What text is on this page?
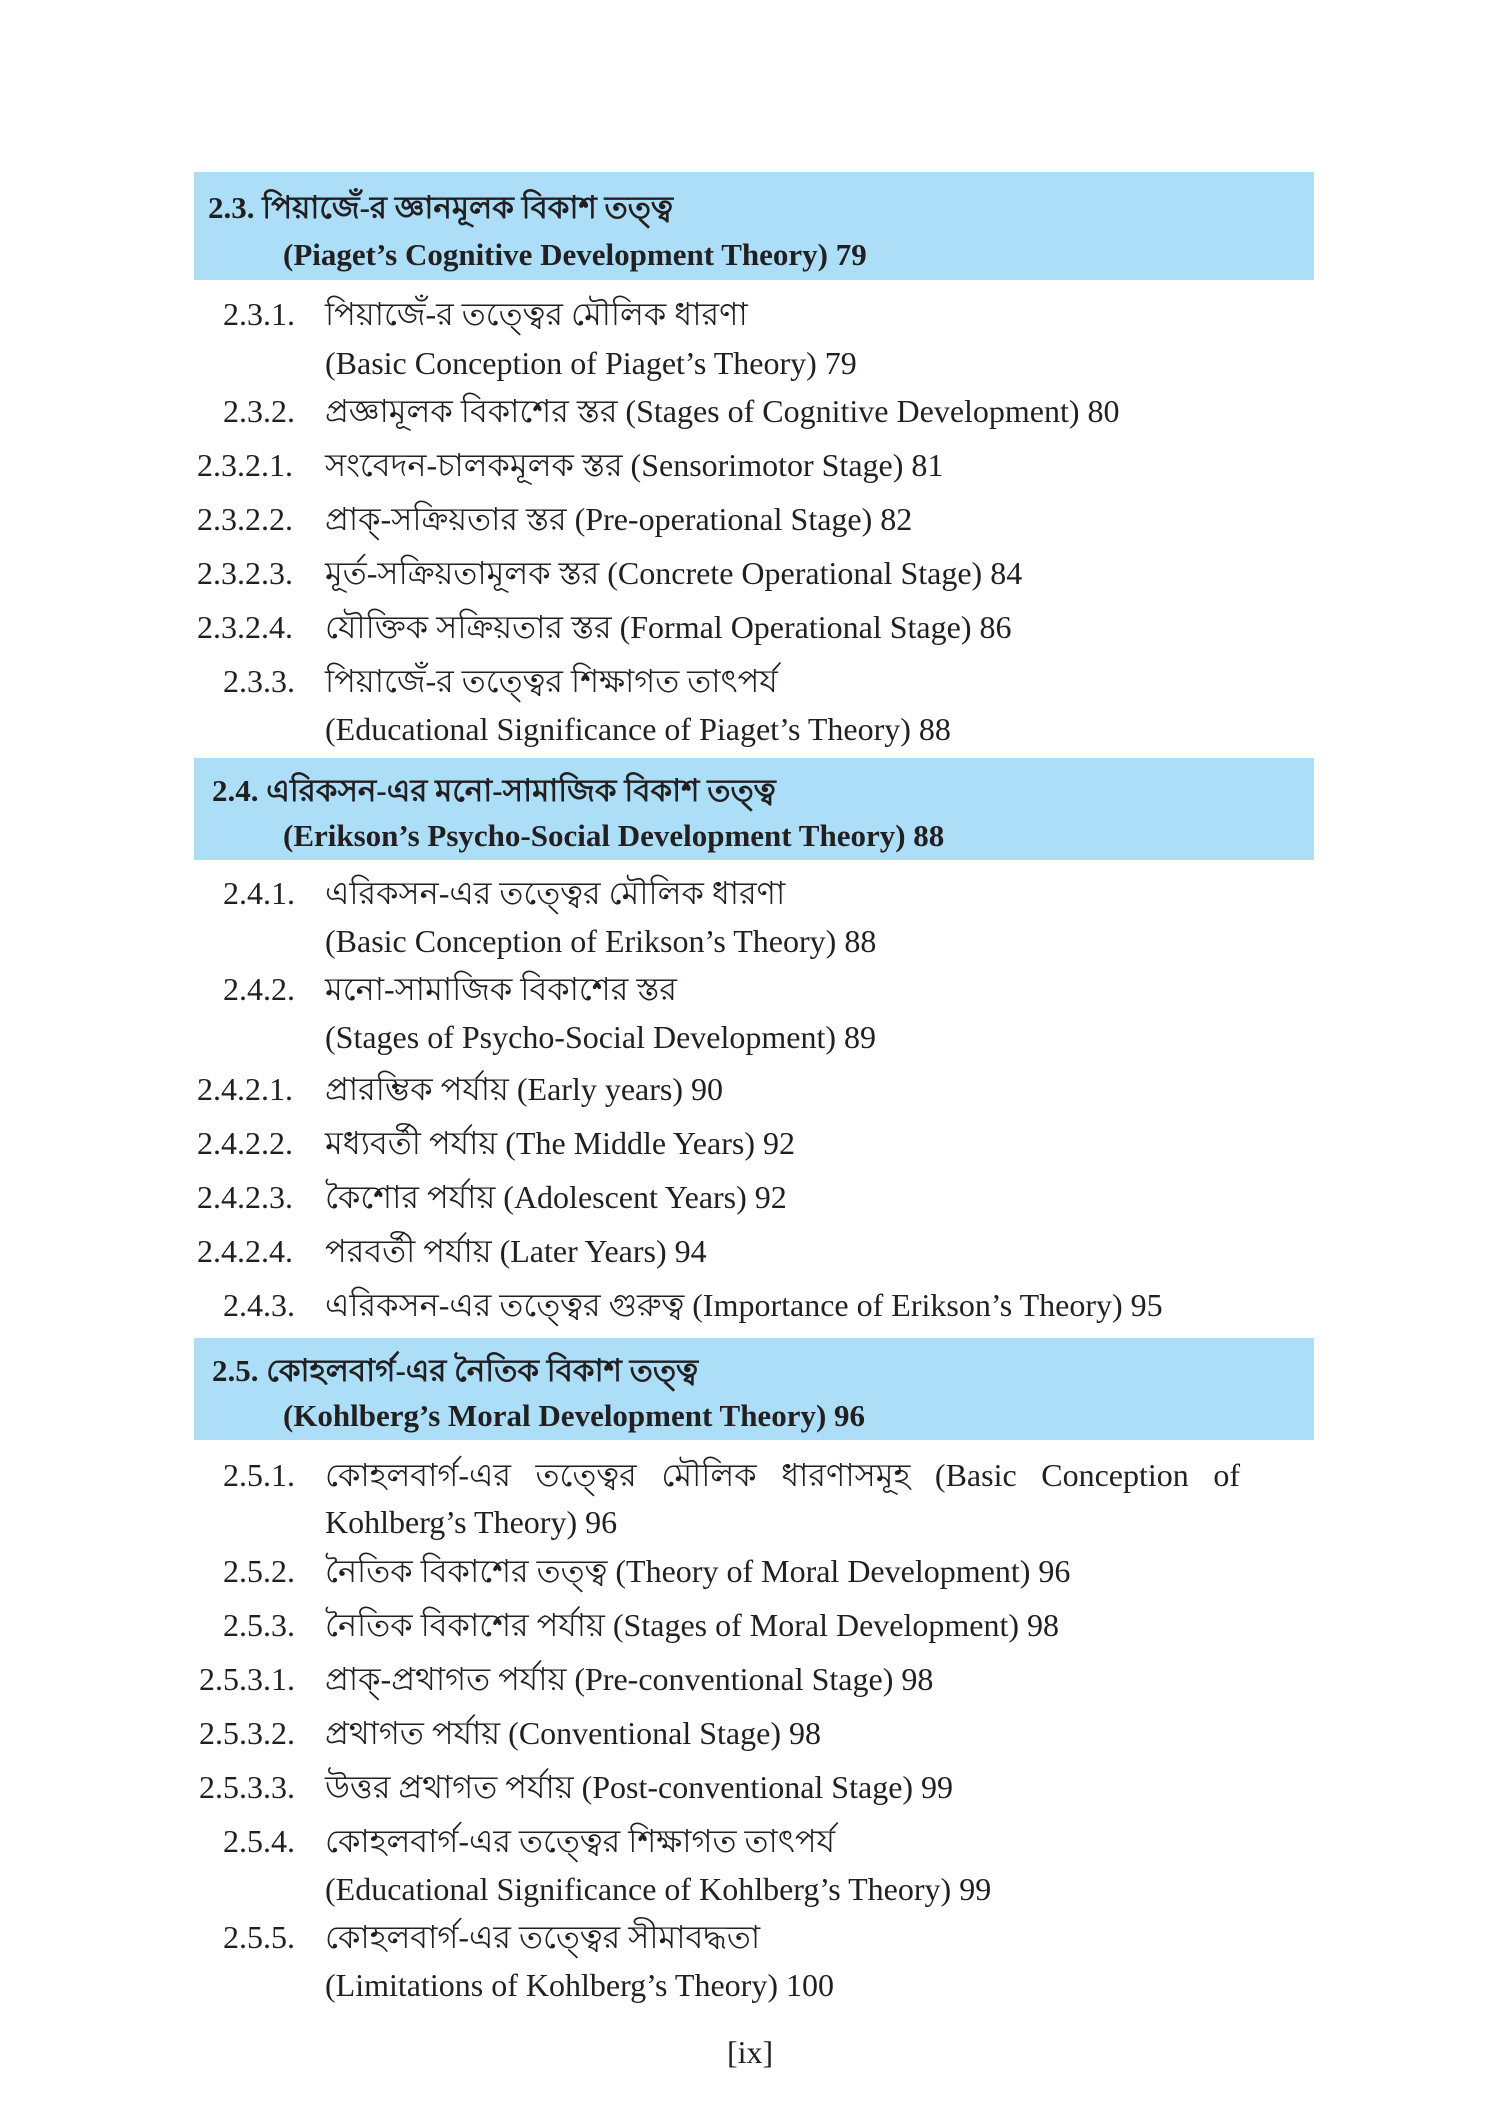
2.3. পিয়াজেঁ-র জ্ঞানমূলক বিকাশ তত্ত্ব
(Piaget’s Cognitive Development Theory) 79
2.3.1. পিয়াজেঁ-র তত্ত্বের মৌলিক ধারণা
(Basic Conception of Piaget’s Theory) 79
2.3.2. প্রজ্ঞামূলক বিকাশের স্তর (Stages of Cognitive Development) 80
2.3.2.1. সংবেদন-চালকমূলক স্তর (Sensorimotor Stage) 81
2.3.2.2. প্রাক্-সক্রিয়তার স্তর (Pre-operational Stage) 82
2.3.2.3. মূর্ত-সক্রিয়তামূলক স্তর (Concrete Operational Stage) 84
2.3.2.4. যৌক্তিক সক্রিয়তার স্তর (Formal Operational Stage) 86
2.3.3. পিয়াজেঁ-র তত্ত্বের শিক্ষাগত তাৎপর্য
(Educational Significance of Piaget’s Theory) 88
2.4. এরিকসন-এর মনো-সামাজিক বিকাশ তত্ত্ব
(Erikson’s Psycho-Social Development Theory) 88
2.4.1. এরিকসন-এর তত্ত্বের মৌলিক ধারণা
(Basic Conception of Erikson’s Theory) 88
2.4.2. মনো-সামাজিক বিকাশের স্তর
(Stages of Psycho-Social Development) 89
2.4.2.1. প্রারম্ভিক পর্যায় (Early years) 90
2.4.2.2. মধ্যবর্তী পর্যায় (The Middle Years) 92
2.4.2.3. কৈশোর পর্যায় (Adolescent Years) 92
2.4.2.4. পরবর্তী পর্যায় (Later Years) 94
2.4.3. এরিকসন-এর তত্ত্বের গুরুত্ব (Importance of Erikson’s Theory) 95
2.5. কোহলবার্গ-এর নৈতিক বিকাশ তত্ত্ব
(Kohlberg’s Moral Development Theory) 96
2.5.1. কোহলবার্গ-এর তত্ত্বের মৌলিক ধারণাসমূহ (Basic Conception of
Kohlberg’s Theory) 96
2.5.2. নৈতিক বিকাশের তত্ত্ব (Theory of Moral Development) 96
2.5.3. নৈতিক বিকাশের পর্যায় (Stages of Moral Development) 98
2.5.3.1. প্রাক্-প্রথাগত পর্যায় (Pre-conventional Stage) 98
2.5.3.2. প্রথাগত পর্যায় (Conventional Stage) 98
2.5.3.3. উত্তর প্রথাগত পর্যায় (Post-conventional Stage) 99
2.5.4. কোহলবার্গ-এর তত্ত্বের শিক্ষাগত তাৎপর্য
(Educational Significance of Kohlberg’s Theory) 99
2.5.5. কোহলবার্গ-এর তত্ত্বের সীমাবদ্ধতা
(Limitations of Kohlberg’s Theory) 100
[ix]
